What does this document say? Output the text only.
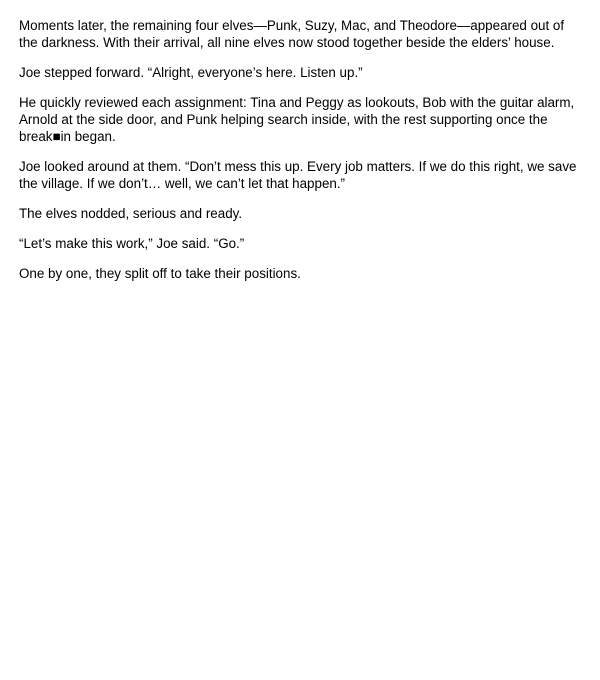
Moments later, the remaining four elves—Punk, Suzy, Mac, and Theodore—appeared out of the darkness. With their arrival, all nine elves now stood together beside the elders’ house.

Joe stepped forward. “Alright, everyone’s here. Listen up.”

He quickly reviewed each assignment: Tina and Peggy as lookouts, Bob with the guitar alarm, Arnold at the side door, and Punk helping search inside, with the rest supporting once the break■in began.

Joe looked around at them. “Don’t mess this up. Every job matters. If we do this right, we save the village. If we don’t… well, we can’t let that happen.”

The elves nodded, serious and ready.

“Let’s make this work,” Joe said. “Go.”

One by one, they split off to take their positions.
